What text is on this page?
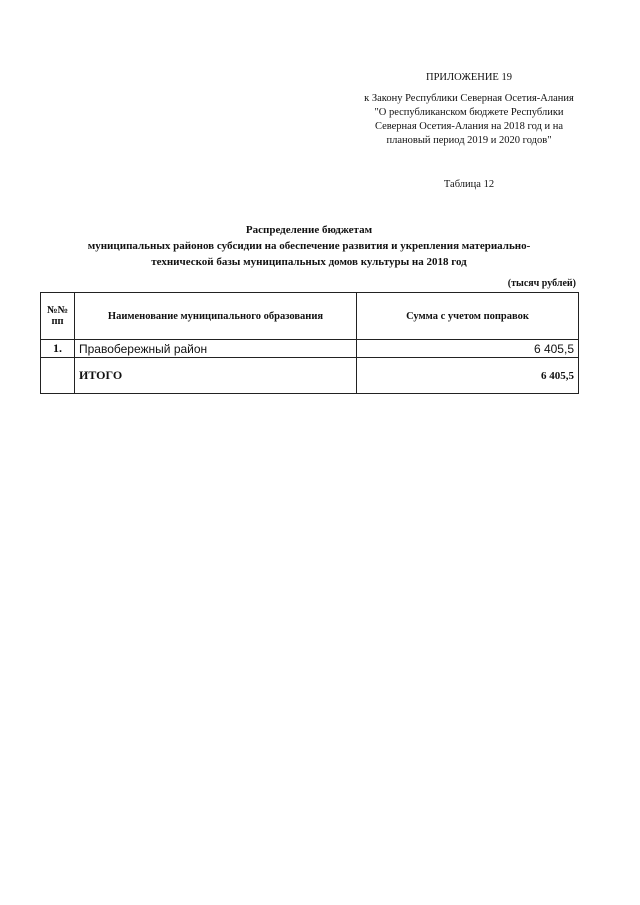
ПРИЛОЖЕНИЕ 19
к Закону Республики Северная Осетия-Алания "О республиканском бюджете Республики Северная Осетия-Алания на 2018 год и на плановый период 2019 и 2020 годов"
Таблица 12
Распределение бюджетам
муниципальных районов субсидии на обеспечение развития и укрепления материально-
технической базы муниципальных домов культуры на 2018 год
(тысяч рублей)
№№ пп	Наименование муниципального образования	Сумма с учетом поправок
1.	Правобережный район	6 405,5
	ИТОГО	6 405,5
